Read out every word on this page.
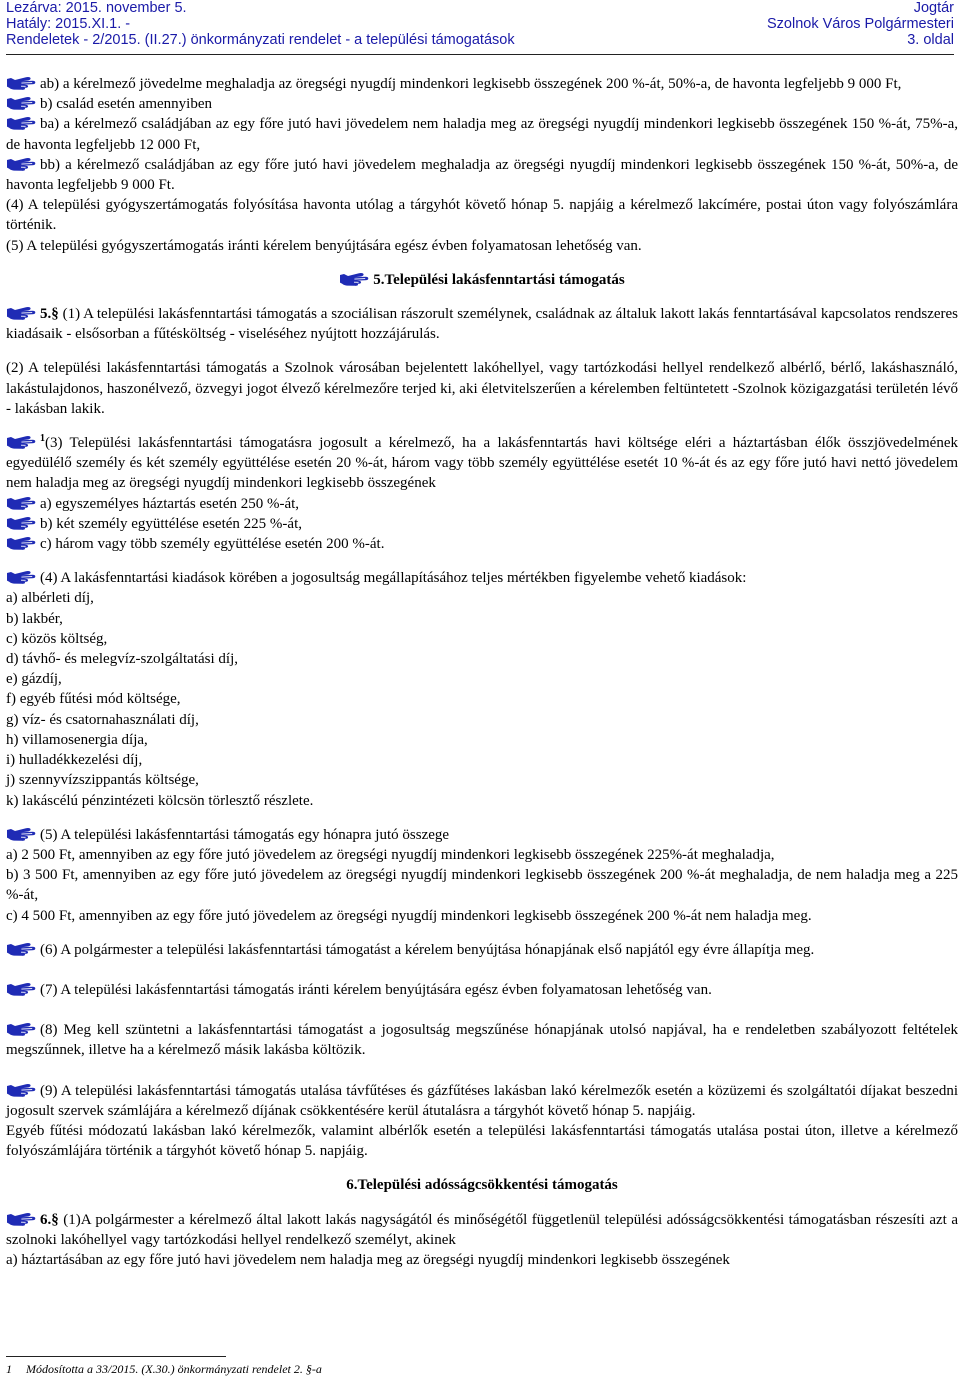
Lezárva: 2015. november 5.
Hatály: 2015.XI.1. -
Rendeletek - 2/2015. (II.27.) önkormányzati rendelet - a települési támogatások
Jogtár
Szolnok Város Polgármesteri
3. oldal

ab) a kérelmező jövedelme meghaladja az öregségi nyugdíj mindenkori legkisebb összegének 200 %-át, 50%-a, de havonta legfeljebb 9 000 Ft,

b) család esetén amennyiben

ba) a kérelmező családjában az egy főre jutó havi jövedelem nem haladja meg az öregségi nyugdíj mindenkori legkisebb összegének 150 %-át, 75%-a, de havonta legfeljebb 12 000 Ft,

bb) a kérelmező családjában az egy főre jutó havi jövedelem meghaladja az öregségi nyugdíj mindenkori legkisebb összegének 150 %-át, 50%-a, de havonta legfeljebb 9 000 Ft.

(4) A települési gyógyszertámogatás folyósítása havonta utólag a tárgyhót követő hónap 5. napjáig a kérelmező lakcímére, postai úton vagy folyószámlára történik.

(5) A települési gyógyszertámogatás iránti kérelem benyújtására egész évben folyamatosan lehetőség van.

5.Települési lakásfenntartási támogatás

5.§ (1) A települési lakásfenntartási támogatás a szociálisan rászorult személynek, családnak az általuk lakott lakás fenntartásával kapcsolatos rendszeres kiadásaik - elsősorban a fűtésköltség - viseléséhez nyújtott hozzájárulás.

(2) A települési lakásfenntartási támogatás a Szolnok városában bejelentett lakóhellyel, vagy tartózkodási hellyel rendelkező albérlő, bérlő, lakáshasználó, lakástulajdonos, haszonélvező, özvegyi jogot élvező kérelmezőre terjed ki, aki életvitelszerűen a kérelemben feltüntetett -Szolnok közigazgatási területén lévő - lakásban lakik.

$^1$(3) Települési lakásfenntartási támogatásra jogosult a kérelmező, ha a lakásfenntartás havi költsége eléri a háztartásban élők összjövedelmének egyedülélő személy és két személy együttélése esetén 20 %-át, három vagy több személy együttélése esetét 10 %-át és az egy főre jutó havi nettó jövedelem nem haladja meg az öregségi nyugdíj mindenkori legkisebb összegének

a) egyszemélyes háztartás esetén 250 %-át,

b) két személy együttélése esetén 225 %-át,

c) három vagy több személy együttélése esetén 200 %-át.

(4) A lakásfenntartási kiadások körében a jogosultság megállapításához teljes mértékben figyelembe vehető kiadások:

a) albérleti díj,

b) lakbér,

c) közös költség,

d) távhő- és melegvíz-szolgáltatási díj,

e) gázdíj,

f) egyéb fűtési mód költsége,

g) víz- és csatornahasználati díj,

h) villamosenergia díja,

i) hulladékkezelési díj,

j) szennyvízszippantás költsége,

k) lakáscélú pénzintézeti kölcsön törlesztő részlete.

(5) A települési lakásfenntartási támogatás egy hónapra jutó összege

a) 2 500 Ft, amennyiben az egy főre jutó jövedelem az öregségi nyugdíj mindenkori legkisebb összegének 225%-át meghaladja,

b) 3 500 Ft, amennyiben az egy főre jutó jövedelem az öregségi nyugdíj mindenkori legkisebb összegének 200 %-át meghaladja, de nem haladja meg a 225 %-át,

c) 4 500 Ft, amennyiben az egy főre jutó jövedelem az öregségi nyugdíj mindenkori legkisebb összegének 200 %-át nem haladja meg.

(6) A polgármester a települési lakásfenntartási támogatást a kérelem benyújtása hónapjának első napjától egy évre állapítja meg.

(7) A települési lakásfenntartási támogatás iránti kérelem benyújtására egész évben folyamatosan lehetőség van.

(8) Meg kell szüntetni a lakásfenntartási támogatást a jogosultság megszűnése hónapjának utolsó napjával, ha e rendeletben szabályozott feltételek megszűnnek, illetve ha a kérelmező másik lakásba költözik.

(9) A települési lakásfenntartási támogatás utalása távfűtéses és gázfűtéses lakásban lakó kérelmezők esetén a közüzemi és szolgáltatói díjakat beszedni jogosult szervek számlájára a kérelmező díjának csökkentésére kerül átutalásra a tárgyhót követő hónap 5. napjáig.

Egyéb fűtési módozatú lakásban lakó kérelmezők, valamint albérlők esetén a települési lakásfenntartási támogatás utalása postai úton, illetve a kérelmező folyószámlájára történik a tárgyhót követő hónap 5. napjáig.

6.Települési adósságcsökkentési támogatás

6.§ (1)A polgármester a kérelmező által lakott lakás nagyságától és minőségétől függetlenül települési adósságcsökkentési támogatásban részesíti azt a szolnoki lakóhellyel vagy tartózkodási hellyel rendelkező személyt, akinek

a) háztartásában az egy főre jutó havi jövedelem nem haladja meg az öregségi nyugdíj mindenkori legkisebb összegének

1 Módosította a 33/2015. (X.30.) önkormányzati rendelet 2. §-a
